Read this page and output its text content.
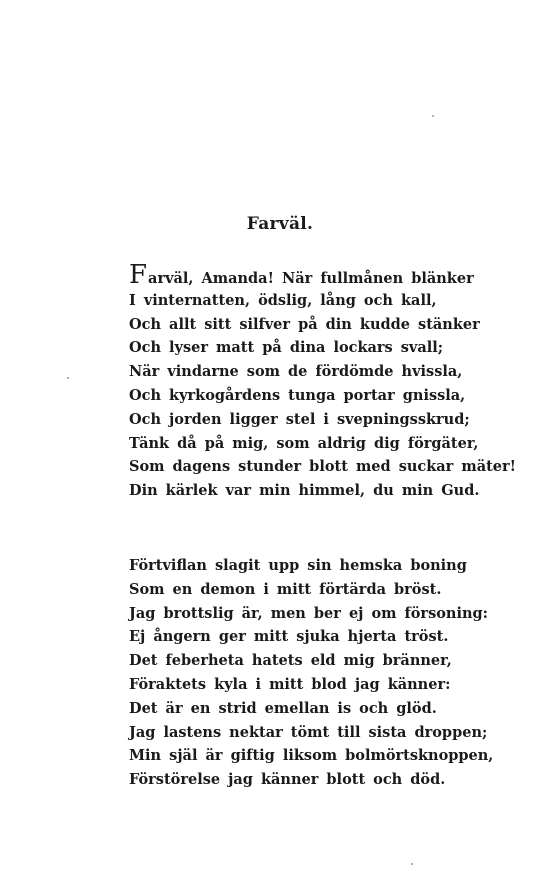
Farväl.
Farväl, Amanda! När fullmånen blänker
I vinternatten, ödslig, lång och kall,
Och allt sitt silfver på din kudde stänker
Och lyser matt på dina lockars svall;
När vindarne som de fördömde hvissla,
Och kyrkogårdens tunga portar gnissla,
Och jorden ligger stel i svepningsskrud;
Tänk då på mig, som aldrig dig förgäter,
Som dagens stunder blott med suckar mäter!
Din kärlek var min himmel, du min Gud.
Förtviflan slagit upp sin hemska boning
Som en demon i mitt förtärda bröst.
Jag brottslig är, men ber ej om försoning:
Ej ångern ger mitt sjuka hjerta tröst.
Det feberheta hatets eld mig bränner,
Föraktets kyla i mitt blod jag känner:
Det är en strid emellan is och glöd.
Jag lastens nektar tömt till sista droppen;
Min själ är giftig liksom bolmörtsknoppen,
Förstörelse jag känner blott och död.
